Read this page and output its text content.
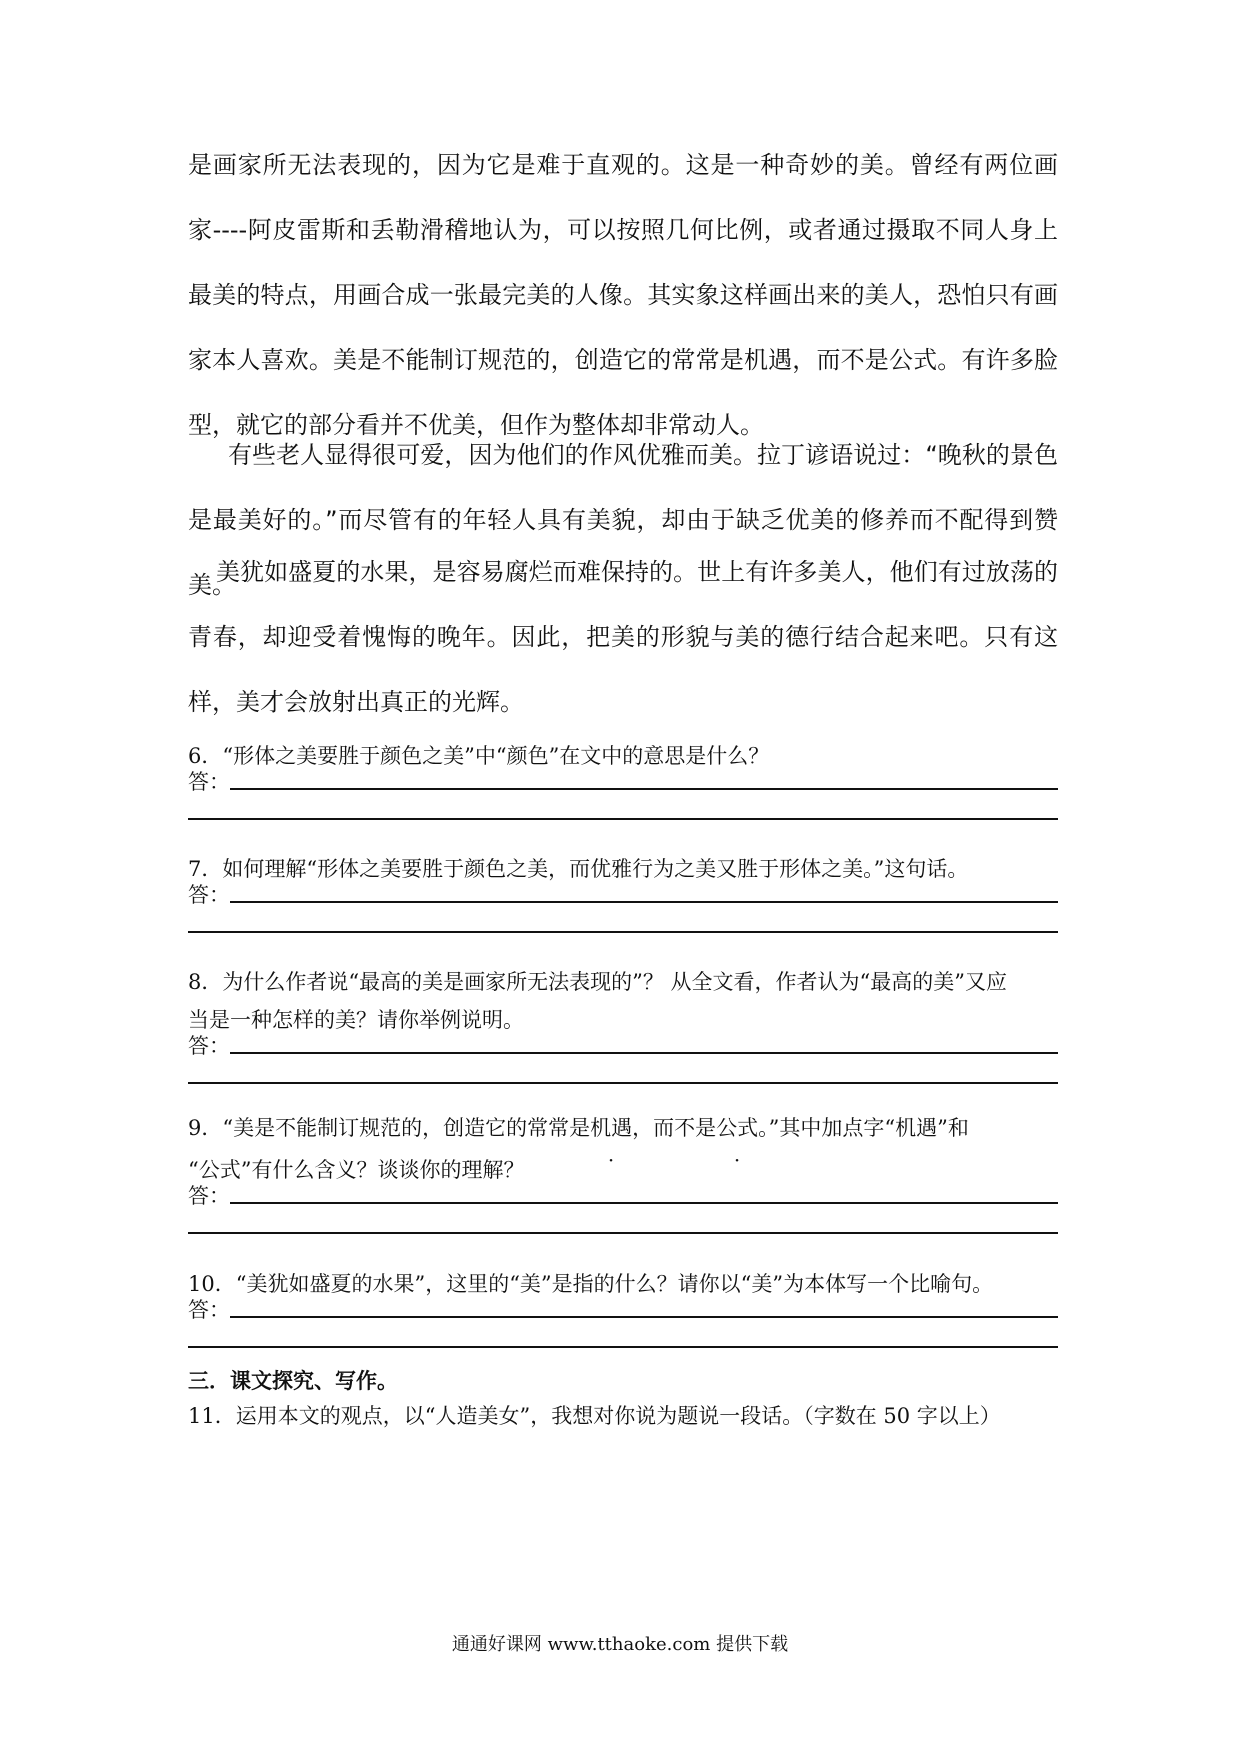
是画家所无法表现的，因为它是难于直观的。这是一种奇妙的美。曾经有两位画家----阿皮雷斯和丢勒滑稽地认为，可以按照几何比例，或者通过摄取不同人身上最美的特点，用画合成一张最完美的人像。其实象这样画出来的美人，恐怕只有画家本人喜欢。美是不能制订规范的，创造它的常常是机遇，而不是公式。有许多脸型，就它的部分看并不优美，但作为整体却非常动人。
有些老人显得很可爱，因为他们的作风优雅而美。拉丁谚语说过：“晚秋的景色是最美好的。”而尽管有的年轻人具有美貌，却由于缺乏优美的修养而不配得到赞美。
美犹如盛夏的水果，是容易腐烂而难保持的。世上有许多美人，他们有过放荡的青春，却迎受着愧悔的晚年。因此，把美的形貌与美的德行结合起来吧。只有这样，美才会放射出真正的光辉。
6．“形体之美要胜于颜色之美”中“颜色”在文中的意思是什么？
答：
7．如何理解“形体之美要胜于颜色之美，而优雅行为之美又胜于形体之美。”这句话。
答：
8．为什么作者说“最高的美是画家所无法表现的”？ 从全文看，作者认为“最高的美”又应
当是一种怎样的美？请你举例说明。
答：
9．“美是不能制订规范的，创造它的常常是机遇，而不是公式。”其中加点字“机遇”和
“公式”有什么含义？谈谈你的理解？
答：
10．“美犹如盛夏的水果”，这里的“美”是指的什么？请你以“美”为本体写一个比喻句。
答：
三．课文探究、写作。
11．运用本文的观点，以“人造美女”，我想对你说为题说一段话。（字数在 50 字以上）
通通好课网 www.tthaoke.com 提供下载
